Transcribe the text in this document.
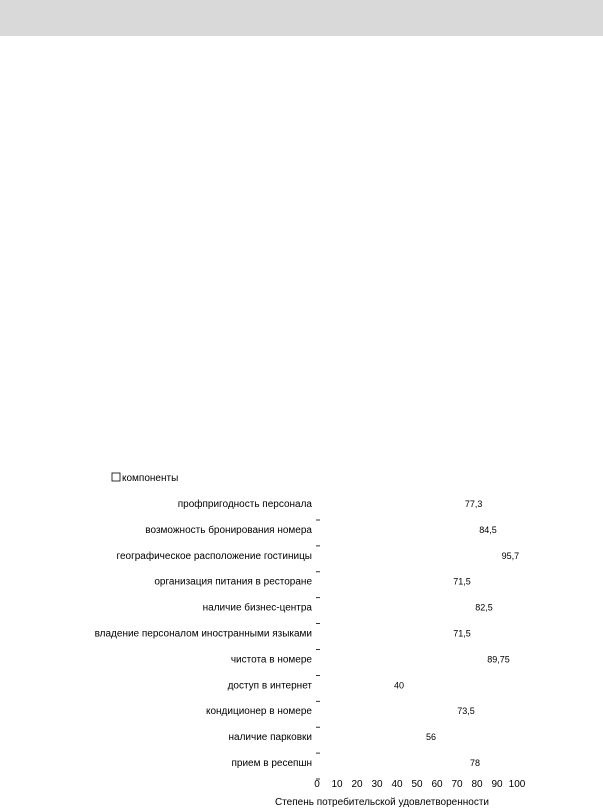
компоненты
профпригодность персонала
возможность бронирования номера
географическое расположение гостиницы
организация питания в ресторане
наличие бизнес-центра
владение персоналом иностранными языками
чистота в номере
доступ в интернет
кондиционер в номере
наличие парковки
прием в ресепшн
77,3
84,5
95,7
71,5
82,5
71,5
89,75
40
73,5
56
78
0 10 20 30 40 50 60 70 80 90 100
Степень потребительской удовлетворенности
